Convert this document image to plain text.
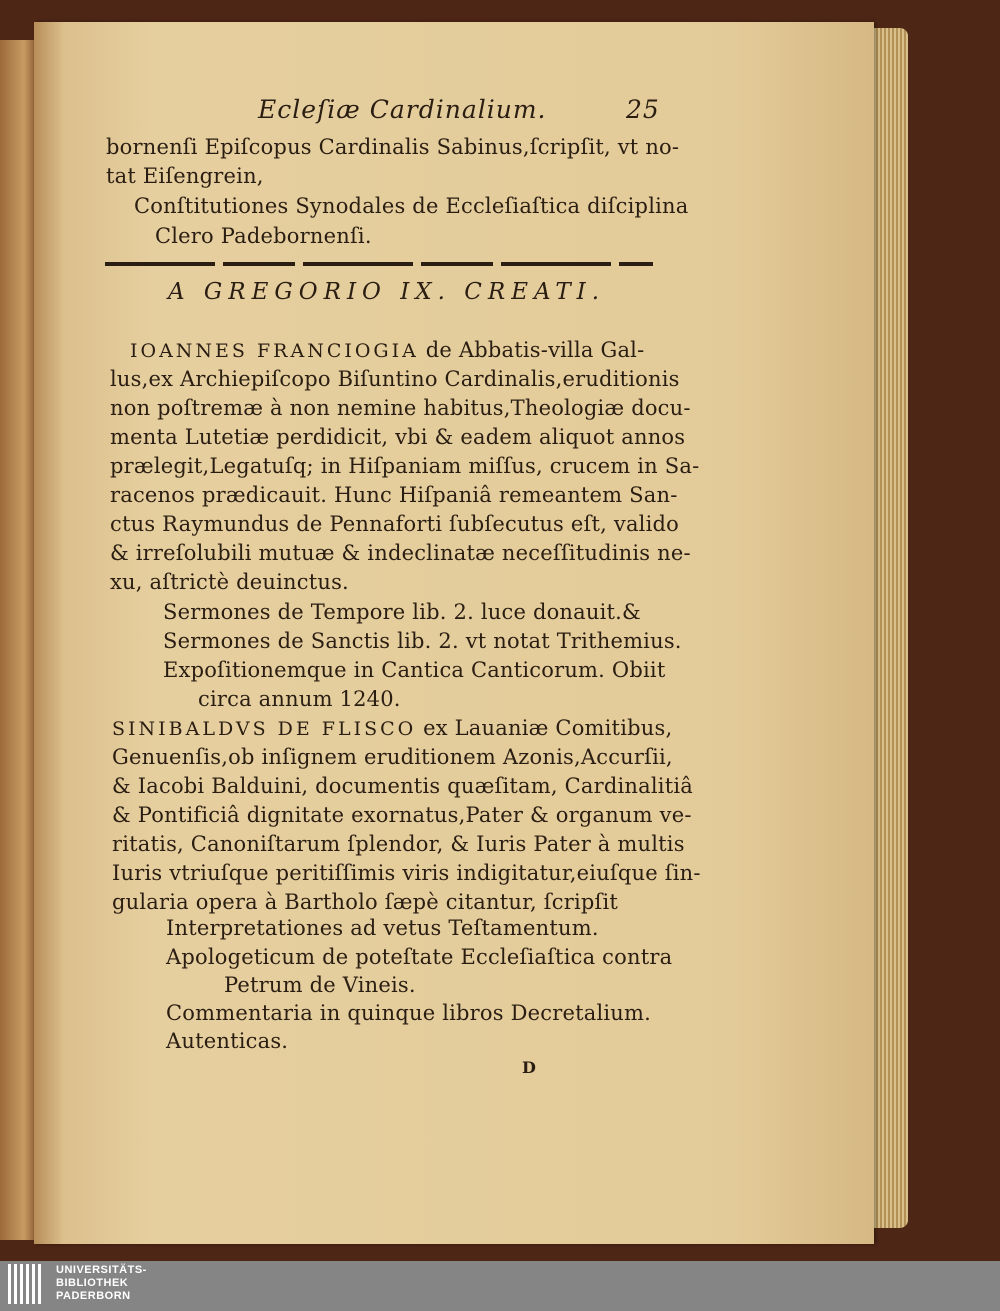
Ecleſiæ Cardinalium.	25
bornenſi Epiſcopus Cardinalis Sabinus,ſcripſit, vt no-
tat Eiſengrein,
Conſtitutiones Synodales de Eccleſiaſtica diſciplina
Clero Padebornenſi.
A GREGORIO IX. CREATI.
IOANNES FRANCIOGIA de Abbatis-villa Gal-
lus,ex Archiepiſcopo Biſuntino Cardinalis,eruditionis
non poſtremæ à non nemine habitus,Theologiæ docu-
menta Lutetiæ perdidicit, vbi & eadem aliquot annos
prælegit,Legatuſq; in Hiſpaniam miſſus, crucem in Sa-
racenos prædicauit. Hunc Hiſpaniâ remeantem San-
ctus Raymundus de Pennaforti ſubſecutus eſt, valido
& irreſolubili mutuæ & indeclinatæ neceſſitudinis ne-
xu, aſtrictè deuinctus.
Sermones de Tempore lib. 2. luce donauit.&
Sermones de Sanctis lib. 2. vt notat Trithemius.
Expoſitionemque in Cantica Canticorum. Obiit
circa annum 1240.
SINIBALDVS DE FLISCO ex Lauaniæ Comitibus,
Genuenſis,ob inſignem eruditionem Azonis,Accurſii,
& Iacobi Balduini, documentis quæſitam, Cardinalitiâ
& Pontificiâ dignitate exornatus,Pater & organum ve-
ritatis, Canoniſtarum ſplendor, & Iuris Pater à multis
Iuris vtriuſque peritiſſimis viris indigitatur,eiuſque ſin-
gularia opera à Bartholo ſæpè citantur, ſcripſit
Interpretationes ad vetus Teſtamentum.
Apologeticum de poteſtate Eccleſiaſtica contra
Petrum de Vineis.
Commentaria in quinque libros Decretalium.
Autenticas.
D
UNIVERSITÄTS-
BIBLIOTHEK
PADERBORN
